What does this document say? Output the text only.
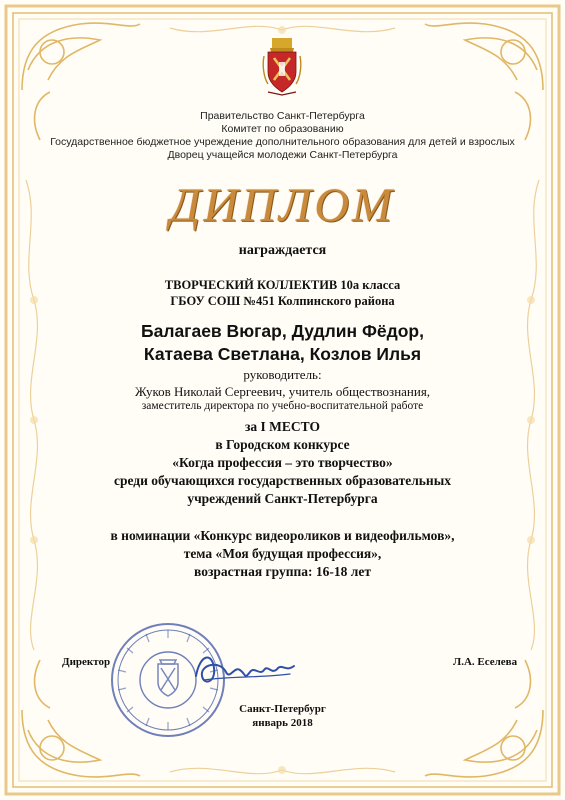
Правительство Санкт-Петербурга
Комитет по образованию
Государственное бюджетное учреждение дополнительного образования для детей и взрослых
Дворец учащейся молодежи Санкт-Петербурга
ДИПЛОМ
награждается
ТВОРЧЕСКИЙ КОЛЛЕКТИВ 10а класса
ГБОУ СОШ №451 Колпинского района
Балагаев Вюгар, Дудлин Фёдор,
Катаева Светлана, Козлов Илья
руководитель:
Жуков Николай Сергеевич, учитель обществознания,
заместитель директора по учебно-воспитательной работе
за I МЕСТО
в Городском конкурсе
«Когда профессия – это творчество»
среди обучающихся государственных образовательных
учреждений Санкт-Петербурга
в номинации «Конкурс видеороликов и видеофильмов»,
тема «Моя будущая профессия»,
возрастная группа: 16-18 лет
Директор	Л.А. Еселева
Санкт-Петербург
январь 2018
